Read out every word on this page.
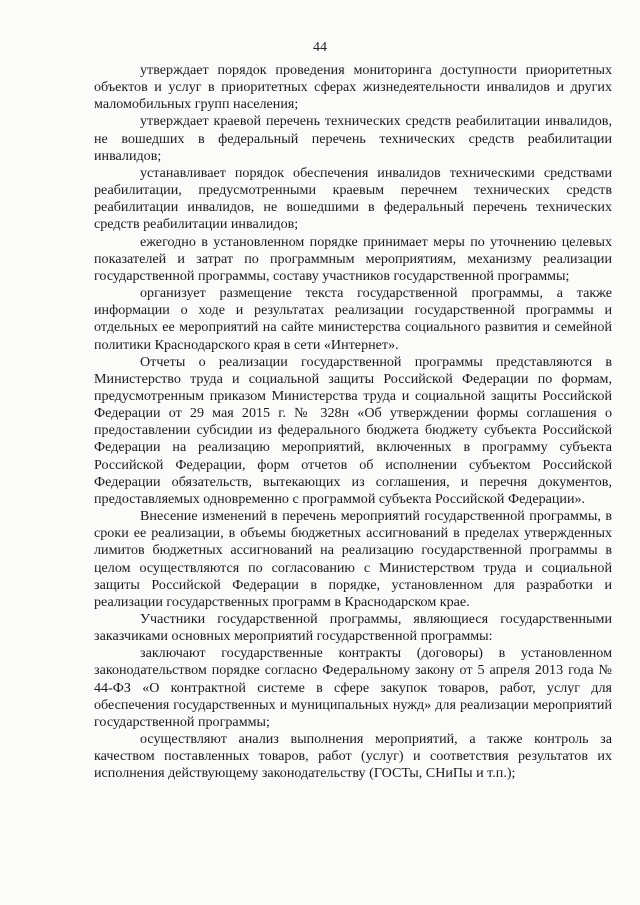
44

утверждает порядок проведения мониторинга доступности приоритетных объектов и услуг в приоритетных сферах жизнедеятельности инвалидов и других маломобильных групп населения;

утверждает краевой перечень технических средств реабилитации инвалидов, не вошедших в федеральный перечень технических средств реабилитации инвалидов;

устанавливает порядок обеспечения инвалидов техническими средствами реабилитации, предусмотренными краевым перечнем технических средств реабилитации инвалидов, не вошедшими в федеральный перечень технических средств реабилитации инвалидов;

ежегодно в установленном порядке принимает меры по уточнению целевых показателей и затрат по программным мероприятиям, механизму реализации государственной программы, составу участников государственной программы;

организует размещение текста государственной программы, а также информации о ходе и результатах реализации государственной программы и отдельных ее мероприятий на сайте министерства социального развития и семейной политики Краснодарского края в сети «Интернет».

Отчеты о реализации государственной программы представляются в Министерство труда и социальной защиты Российской Федерации по формам, предусмотренным приказом Министерства труда и социальной защиты Российской Федерации от 29 мая 2015 г. № 328н «Об утверждении формы соглашения о предоставлении субсидии из федерального бюджета бюджету субъекта Российской Федерации на реализацию мероприятий, включенных в программу субъекта Российской Федерации, форм отчетов об исполнении субъектом Российской Федерации обязательств, вытекающих из соглашения, и перечня документов, предоставляемых одновременно с программой субъекта Российской Федерации».

Внесение изменений в перечень мероприятий государственной программы, в сроки ее реализации, в объемы бюджетных ассигнований в пределах утвержденных лимитов бюджетных ассигнований на реализацию государственной программы в целом осуществляются по согласованию с Министерством труда и социальной защиты Российской Федерации в порядке, установленном для разработки и реализации государственных программ в Краснодарском крае.

Участники государственной программы, являющиеся государственными заказчиками основных мероприятий государственной программы:

заключают государственные контракты (договоры) в установленном законодательством порядке согласно Федеральному закону от 5 апреля 2013 года № 44-ФЗ «О контрактной системе в сфере закупок товаров, работ, услуг для обеспечения государственных и муниципальных нужд» для реализации мероприятий государственной программы;

осуществляют анализ выполнения мероприятий, а также контроль за качеством поставленных товаров, работ (услуг) и соответствия результатов их исполнения действующему законодательству (ГОСТы, СНиПы и т.п.);
